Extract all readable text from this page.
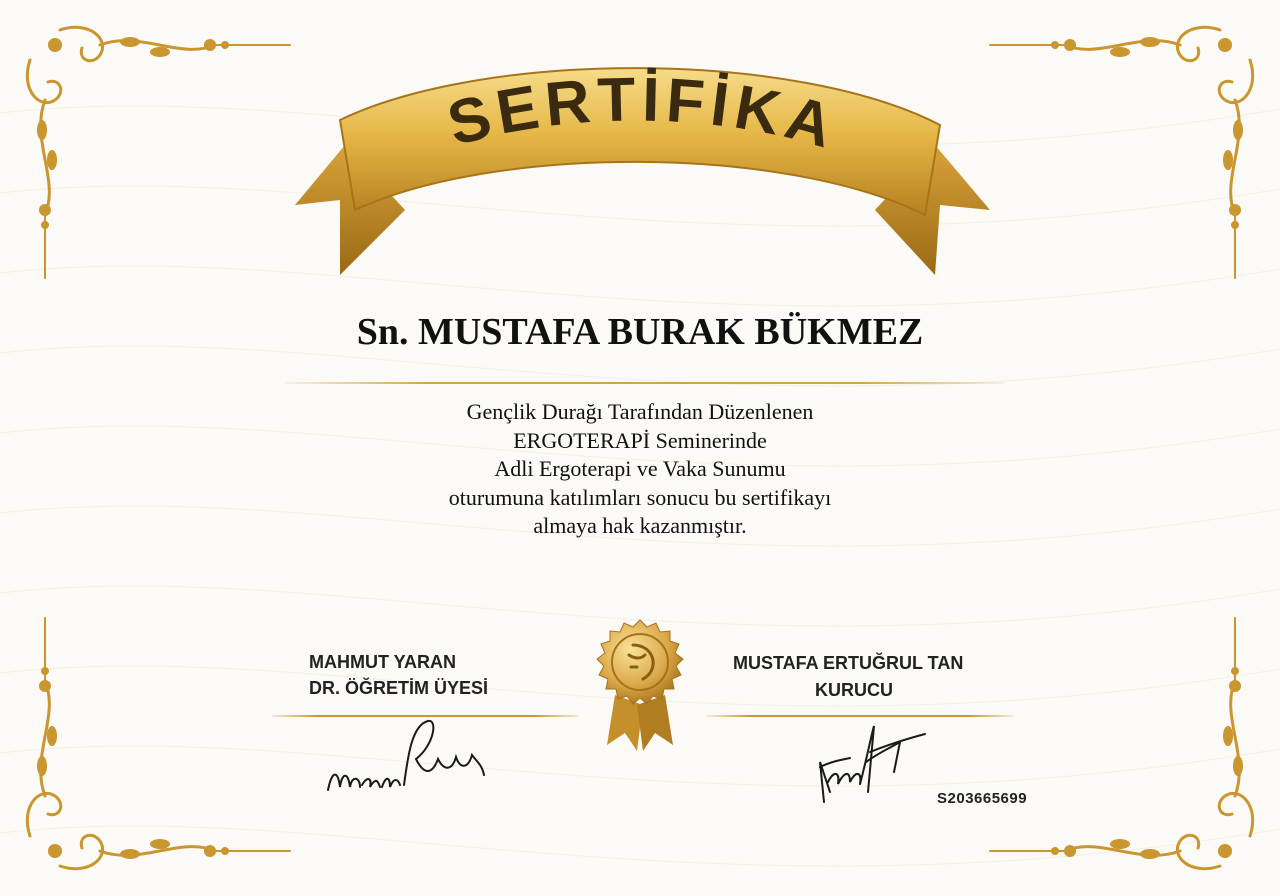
SERTİFİKA
Sn. MUSTAFA BURAK BÜKMEZ
Gençlik Durağı Tarafından Düzenlenen
ERGOTERAPİ Seminerinde
Adli Ergoterapi ve Vaka Sunumu
oturumuna katılımları sonucu bu sertifikayı
almaya hak kazanmıştır.
MAHMUT YARAN
DR. ÖĞRETİM ÜYESİ
MUSTAFA ERTUĞRUL TAN
KURUCU
S203665699
